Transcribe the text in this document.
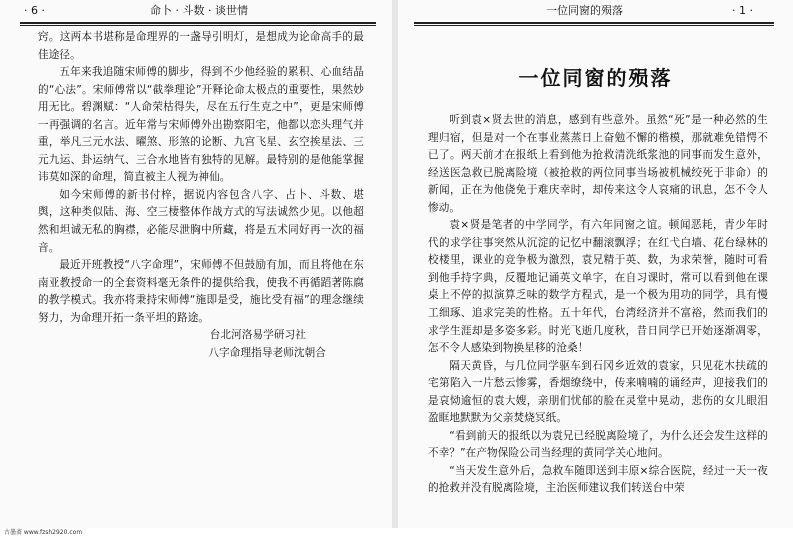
· 6 ·	命卜 · 斗数 · 谈世情

窍。这两本书堪称是命理界的一盏导引明灯，是想成为论命高手的最佳途径。

五年来我追随宋师傅的脚步，得到不少他经验的累积、心血结晶的“心法”。宋师傅常以“截拳理论”开释论命太极点的重要性，果然妙用无比。碧渊赋：“人命荣枯得失，尽在五行生克之中”，更是宋师傅一再强调的名言。近年常与宋师傅外出勘察阳宅，他都以恋头理气并重，举凡三元水法、曜煞、形煞的论断、九宫飞星、玄空挨星法、三元九运、卦运纳气、三合水地皆有独特的见解。最特别的是他能掌握讳莫如深的命理，简直被主人视为神仙。

如今宋师傅的新书付梓，据说内容包含八字、占卜、斗数、堪舆，这种类似陆、海、空三棲整体作战方式的写法诚然少见。以他超然和坦诚无私的胸襟，必能尽泄胸中所藏，将是五术同好再一次的福音。

最近开班教授“八字命理”，宋师傅不但鼓励有加，而且将他在东南亚教授命一的全套资料毫无条件的提供给我，使我不再循蹈著陈腐的教学模式。我亦将秉持宋师傅“施即是受，施比受有福”的理念继续努力，为命理开拓一条平坦的路途。

台北河洛易学研习社

八字命理指导老师沈朝合

一位同窗的殒落	· 1 ·
一位同窗的殒落

听到袁×贤去世的消息，感到有些意外。虽然“死”是一种必然的生理归宿，但是对一个在事业蒸蒸日上奋勉不懈的楷模，那就难免错愕不已了。两天前才在报纸上看到他为抢救清洗纸浆池的同事而发生意外，经送医急救已脱离险境（被抢救的两位同事当场被机械绞死于非命）的新闻，正在为他侥免于难庆幸时，却传来这令人哀痛的讯息，怎不令人惨动。

袁×贤是笔者的中学同学，有六年同窗之谊。顿闻恶耗，青少年时代的求学往事突然从沉淀的记忆中翻滚飘浮；在红弋白墙、花台绿林的校楼里，课业的竞争极为激烈，袁兄精于英、数，为求荣誉，随时可看到他手持字典，反覆地记诵英文单字，在自习课时，常可以看到他在课桌上不停的拟演算乏味的数学方程式，是一个极为用功的同学，具有慢工细琢、追求完美的性格。五十年代，台湾经济并不富裕，然而我们的求学生涯却是多姿多彩。时光飞逝几度秋，昔日同学已开始逐渐凋零，怎不令人感染到物换星移的沧桑！

隔天黄昏，与几位同学驱车到石冈乡近效的袁家，只见花木扶疏的宅第陷入一片愁云惨雾，香烟缭绕中，传来喃喃的诵经声，迎接我们的是哀恸逾恒的袁大嫂，亲朋们忧郁的脸在灵堂中晃动，悲伤的女儿眼泪盈眶地默默为父亲焚烧冥纸。

“看到前天的报纸以为袁兄已经脱离险境了，为什么还会发生这样的不幸？”在产物保险公司当经理的黄同学关心地问。

“当天发生意外后，急救车随即送到丰原×综合医院，经过一天一夜的抢救并没有脱离险境，主治医师建议我们转送台中荣

古墨斋 www.fzsh2920.com
